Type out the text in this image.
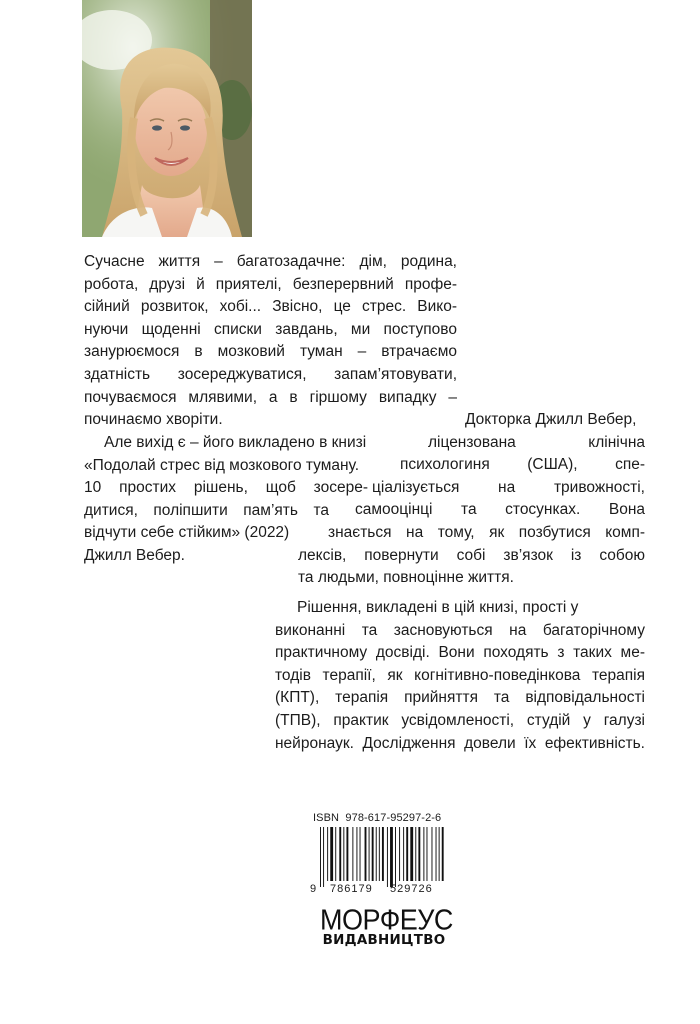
Сучасне життя – багатозадачне: дім, родина,
робота, друзі й приятелі, безперервний профе-
сійний розвиток, хобі... Звісно, це стрес. Вико-
нуючи щоденні списки завдань, ми поступово
занурюємося в мозковий туман – втрачаємо
здатність зосереджуватися, запам’ятовувати,
почуваємося млявими, а в гіршому випадку –
починаємо хворіти.
Але вихід є – його викладено в книзі
«Подолай стрес від мозкового туману.
10 простих рішень, щоб зосере-
дитися, поліпшити пам’ять та
відчути себе стійким» (2022)
Джилл Вебер.
Докторка Джилл Вебер,
ліцензована клінічна
психологиня (США), спе-
ціалізується на тривожності,
самооцінці та стосунках. Вона
знається на тому, як позбутися комп-
лексів, повернути собі зв’язок із собою
та людьми, повноцінне життя.
Рішення, викладені в цій книзі, прості у
виконанні та засновуються на багаторічному
практичному досвіді. Вони походять з таких ме-
тодів терапії, як когнітивно-поведінкова терапія
(КПТ), терапія прийняття та відповідальності
(ТПВ), практик усвідомленості, студій у галузі
нейронаук. Дослідження довели їх ефективність.
ISBN 978-617-95297-2-6
9 786179 529726
МОРФЕУС
ВИДАВНИЦТВО
